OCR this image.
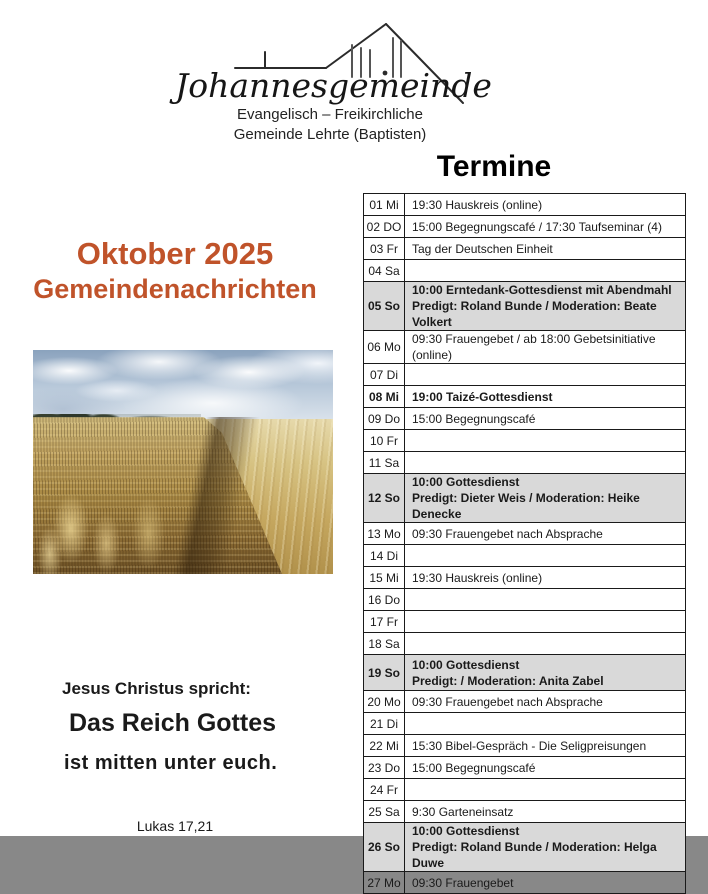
Johannesgemeinde
Evangelisch – Freikirchliche
Gemeinde Lehrte (Baptisten)
Oktober 2025
Gemeindenachrichten
Jesus Christus spricht:
Das Reich Gottes
ist mitten unter euch.
Lukas 17,21
Termine
01 Mi	19:30 Hauskreis (online)

02 DO	15:00 Begegnungscafé / 17:30 Taufseminar (4)

03 Fr	Tag der Deutschen Einheit

04 Sa	
05 So	10:00 Erntedank-Gottesdienst mit Abendmahl
Predigt: Roland Bunde / Moderation: Beate Volkert

06 Mo	09:30 Frauengebet / ab 18:00 Gebetsinitiative (online)

07 Di	
08 Mi	19:00 Taizé-Gottesdienst

09 Do	15:00 Begegnungscafé

10 Fr	
11 Sa	
12 So	10:00 Gottesdienst
Predigt: Dieter Weis / Moderation: Heike Denecke

13 Mo	09:30 Frauengebet nach Absprache

14 Di	
15 Mi	19:30 Hauskreis (online)

16 Do	
17 Fr	
18 Sa	
19 So	10:00 Gottesdienst
Predigt: / Moderation: Anita Zabel

20 Mo	09:30 Frauengebet nach Absprache

21 Di	
22 Mi	15:30 Bibel-Gespräch - Die Seligpreisungen

23 Do	15:00 Begegnungscafé

24 Fr	
25 Sa	9:30 Garteneinsatz

26 So	10:00 Gottesdienst
Predigt: Roland Bunde / Moderation: Helga Duwe

27 Mo	09:30 Frauengebet
